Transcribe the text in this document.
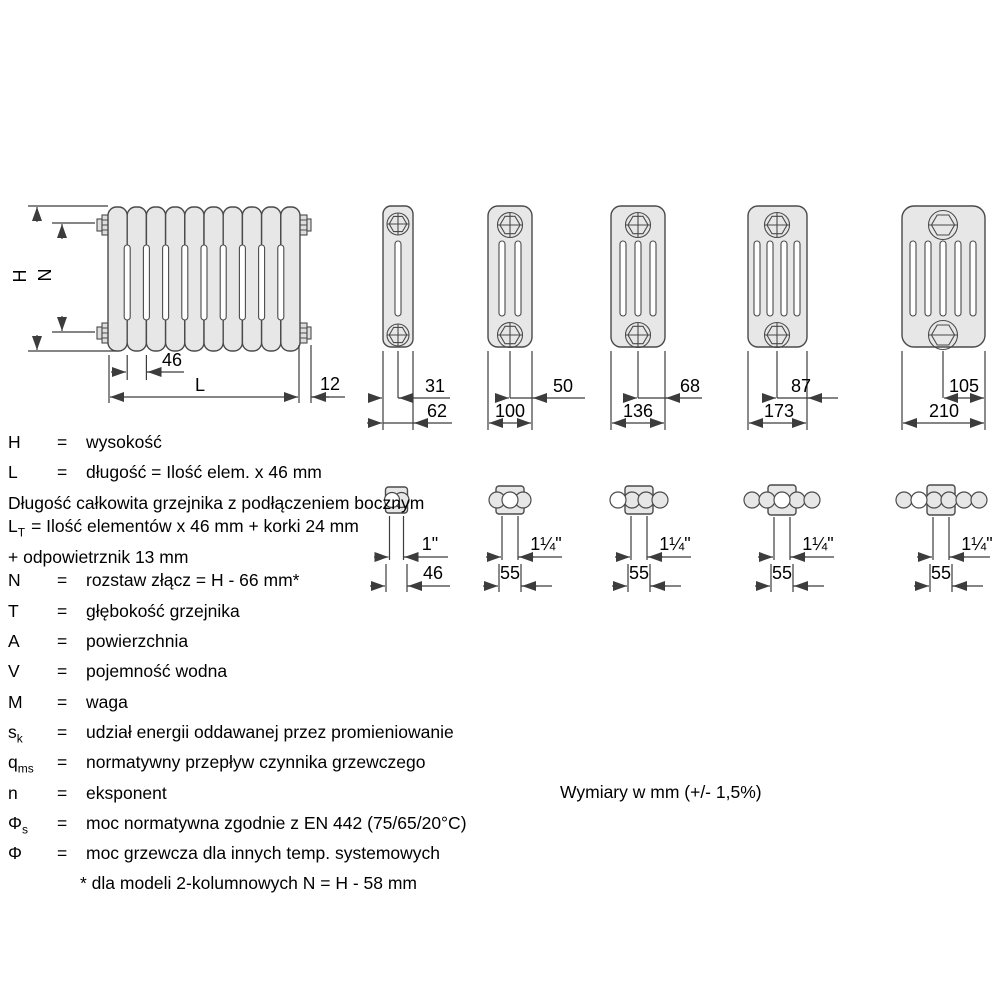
H N
46
L	12	31
62
50
100
68
136
87
173
105
210
1"
46
1¼"
55
1¼"
55
1¼"
55
1¼"
55
H	=	wysokość
L	=	długość = Ilość elem. x 46 mm
Długość całkowita grzejnika z podłączeniem bocznym
$L_T$ = Ilość elementów x 46 mm + korki 24 mm
+ odpowietrznik 13 mm
N	=	rozstaw złącz = H - 66 mm*
T	=	głębokość grzejnika
A	=	powierzchnia
V	=	pojemność wodna
M	=	waga
$s_k$	=	udział energii oddawanej przez promieniowanie
$q_{ms}$	=	normatywny przepływ czynnika grzewczego
n	=	eksponent
$\Phi_s$	=	moc normatywna zgodnie z EN 442 (75/65/20°C)
Φ	=	moc grzewcza dla innych temp. systemowych
* dla modeli 2-kolumnowych N = H - 58 mm
Wymiary w mm (+/- 1,5%)
